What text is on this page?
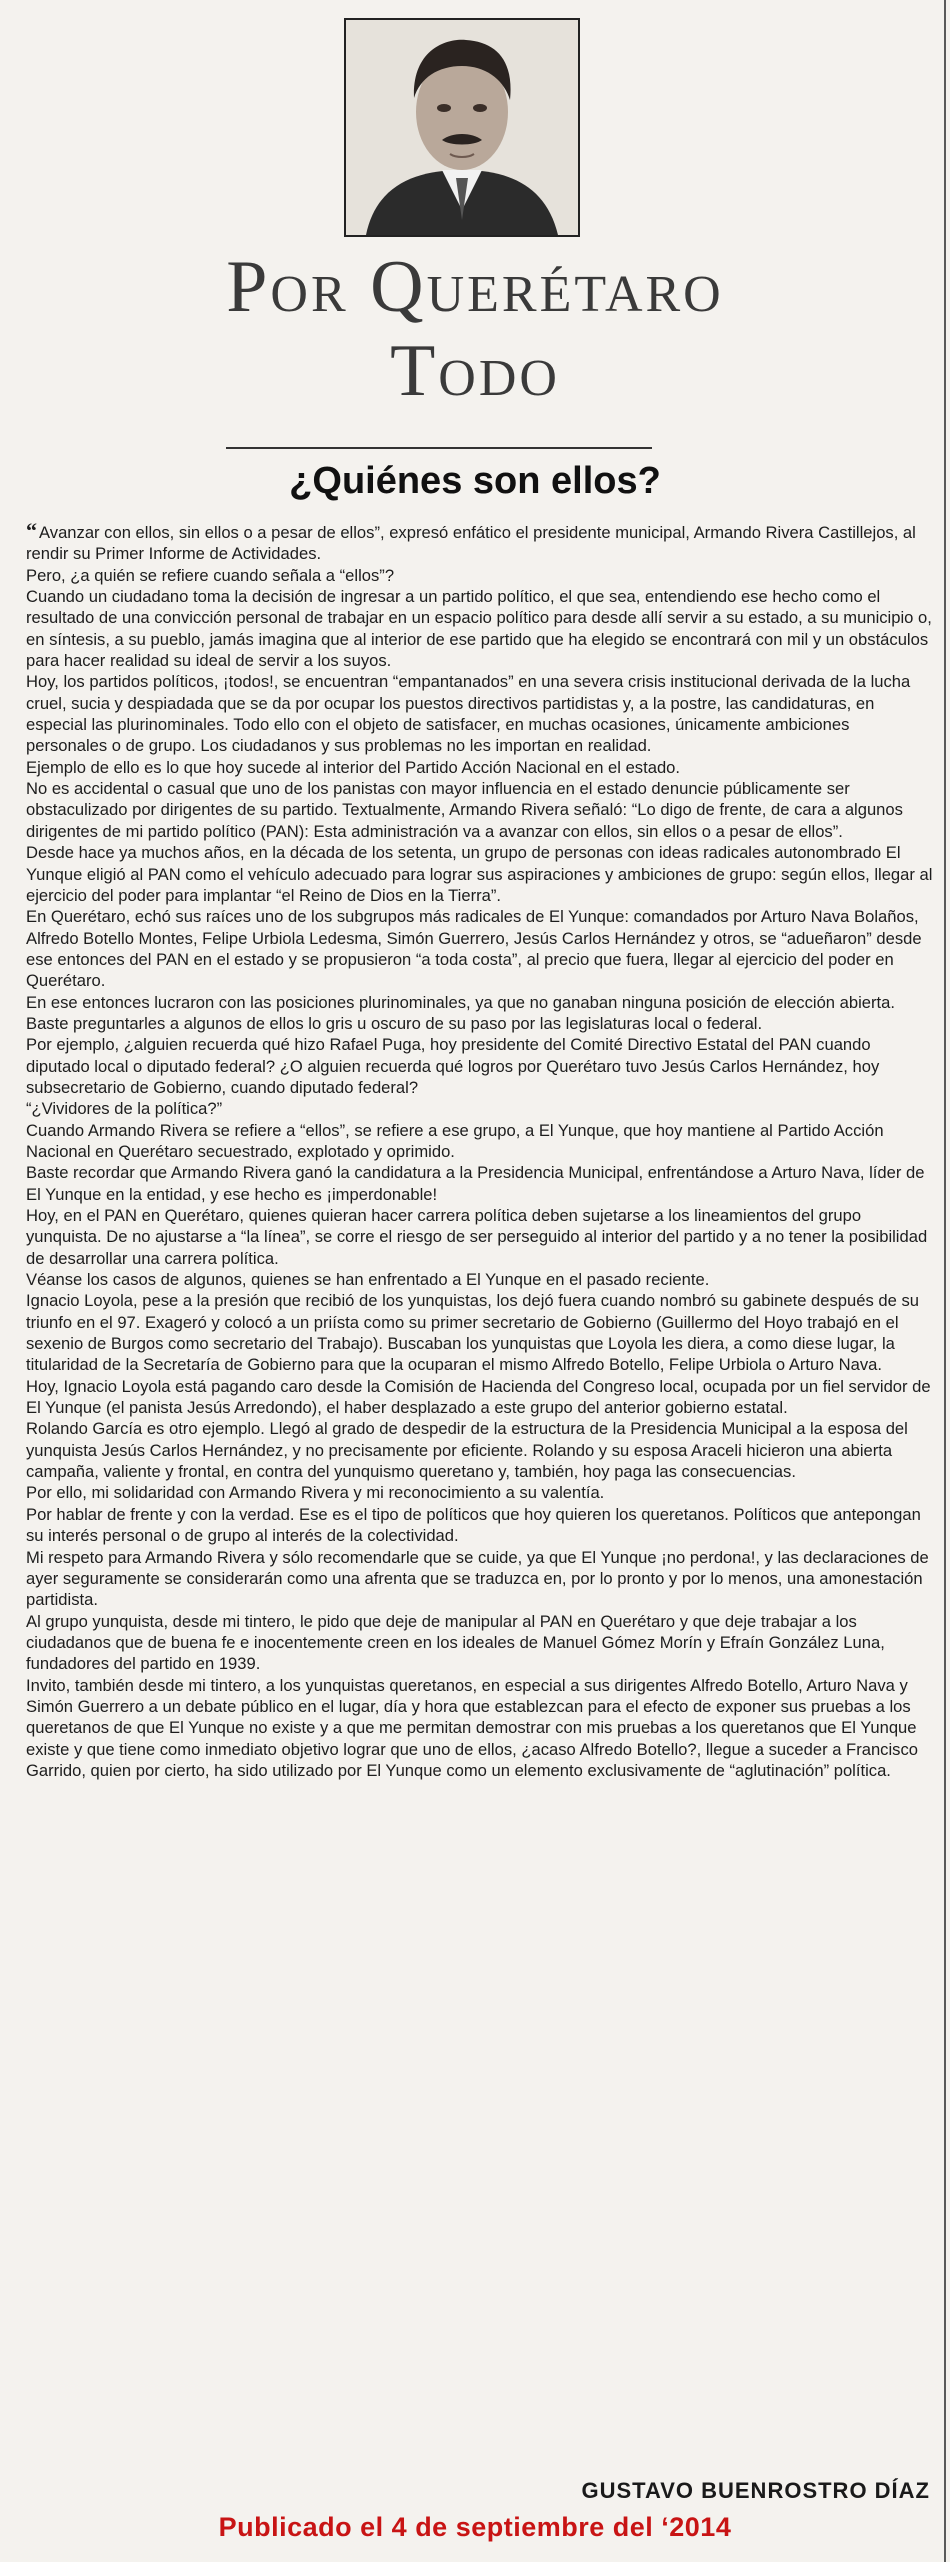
Por Querétaro
Todo
¿Quiénes son ellos?

“ Avanzar con ellos, sin ellos o a pesar de ellos”, expresó enfático el presidente municipal, Armando Rivera Castillejos, al rendir su Primer Informe de Actividades.

Pero, ¿a quién se refiere cuando señala a “ellos”?

Cuando un ciudadano toma la decisión de ingresar a un partido político, el que sea, entendiendo ese hecho como el resultado de una convicción personal de trabajar en un espacio político para desde allí servir a su estado, a su municipio o, en síntesis, a su pueblo, jamás imagina que al interior de ese partido que ha elegido se encontrará con mil y un obstáculos para hacer realidad su ideal de servir a los suyos.

Hoy, los partidos políticos, ¡todos!, se encuentran “empantanados” en una severa crisis institucional derivada de la lucha cruel, sucia y despiadada que se da por ocupar los puestos directivos partidistas y, a la postre, las candidaturas, en especial las plurinominales. Todo ello con el objeto de satisfacer, en muchas ocasiones, únicamente ambiciones personales o de grupo. Los ciudadanos y sus problemas no les importan en realidad.

Ejemplo de ello es lo que hoy sucede al interior del Partido Acción Nacional en el estado.

No es accidental o casual que uno de los panistas con mayor influencia en el estado denuncie públicamente ser obstaculizado por dirigentes de su partido. Textualmente, Armando Rivera señaló: “Lo digo de frente, de cara a algunos dirigentes de mi partido político (PAN): Esta administración va a avanzar con ellos, sin ellos o a pesar de ellos”.

Desde hace ya muchos años, en la década de los setenta, un grupo de personas con ideas radicales autonombrado El Yunque eligió al PAN como el vehículo adecuado para lograr sus aspiraciones y ambiciones de grupo: según ellos, llegar al ejercicio del poder para implantar “el Reino de Dios en la Tierra”.

En Querétaro, echó sus raíces uno de los subgrupos más radicales de El Yunque: comandados por Arturo Nava Bolaños, Alfredo Botello Montes, Felipe Urbiola Ledesma, Simón Guerrero, Jesús Carlos Hernández y otros, se “adueñaron” desde ese entonces del PAN en el estado y se propusieron “a toda costa”, al precio que fuera, llegar al ejercicio del poder en Querétaro.

En ese entonces lucraron con las posiciones plurinominales, ya que no ganaban ninguna posición de elección abierta. Baste preguntarles a algunos de ellos lo gris u oscuro de su paso por las legislaturas local o federal.

Por ejemplo, ¿alguien recuerda qué hizo Rafael Puga, hoy presidente del Comité Directivo Estatal del PAN cuando diputado local o diputado federal? ¿O alguien recuerda qué logros por Querétaro tuvo Jesús Carlos Hernández, hoy subsecretario de Gobierno, cuando diputado federal?

“¿Vividores de la política?”

Cuando Armando Rivera se refiere a “ellos”, se refiere a ese grupo, a El Yunque, que hoy mantiene al Partido Acción Nacional en Querétaro secuestrado, explotado y oprimido.

Baste recordar que Armando Rivera ganó la candidatura a la Presidencia Municipal, enfrentándose a Arturo Nava, líder de El Yunque en la entidad, y ese hecho es ¡imperdonable!

Hoy, en el PAN en Querétaro, quienes quieran hacer carrera política deben sujetarse a los lineamientos del grupo yunquista. De no ajustarse a “la línea”, se corre el riesgo de ser perseguido al interior del partido y a no tener la posibilidad de desarrollar una carrera política.

Véanse los casos de algunos, quienes se han enfrentado a El Yunque en el pasado reciente.

Ignacio Loyola, pese a la presión que recibió de los yunquistas, los dejó fuera cuando nombró su gabinete después de su triunfo en el 97. Exageró y colocó a un priísta como su primer secretario de Gobierno (Guillermo del Hoyo trabajó en el sexenio de Burgos como secretario del Trabajo). Buscaban los yunquistas que Loyola les diera, a como diese lugar, la titularidad de la Secretaría de Gobierno para que la ocuparan el mismo Alfredo Botello, Felipe Urbiola o Arturo Nava.

Hoy, Ignacio Loyola está pagando caro desde la Comisión de Hacienda del Congreso local, ocupada por un fiel servidor de El Yunque (el panista Jesús Arredondo), el haber desplazado a este grupo del anterior gobierno estatal.

Rolando García es otro ejemplo. Llegó al grado de despedir de la estructura de la Presidencia Municipal a la esposa del yunquista Jesús Carlos Hernández, y no precisamente por eficiente. Rolando y su esposa Araceli hicieron una abierta campaña, valiente y frontal, en contra del yunquismo queretano y, también, hoy paga las consecuencias.

Por ello, mi solidaridad con Armando Rivera y mi reconocimiento a su valentía.

Por hablar de frente y con la verdad. Ese es el tipo de políticos que hoy quieren los queretanos. Políticos que antepongan su interés personal o de grupo al interés de la colectividad.

Mi respeto para Armando Rivera y sólo recomendarle que se cuide, ya que El Yunque ¡no perdona!, y las declaraciones de ayer seguramente se considerarán como una afrenta que se traduzca en, por lo pronto y por lo menos, una amonestación partidista.

Al grupo yunquista, desde mi tintero, le pido que deje de manipular al PAN en Querétaro y que deje trabajar a los ciudadanos que de buena fe e inocentemente creen en los ideales de Manuel Gómez Morín y Efraín González Luna, fundadores del partido en 1939.

Invito, también desde mi tintero, a los yunquistas queretanos, en especial a sus dirigentes Alfredo Botello, Arturo Nava y Simón Guerrero a un debate público en el lugar, día y hora que establezcan para el efecto de exponer sus pruebas a los queretanos de que El Yunque no existe y a que me permitan demostrar con mis pruebas a los queretanos que El Yunque existe y que tiene como inmediato objetivo lograr que uno de ellos, ¿acaso Alfredo Botello?, llegue a suceder a Francisco Garrido, quien por cierto, ha sido utilizado por El Yunque como un elemento exclusivamente de “aglutinación” política.

GUSTAVO BUENROSTRO DÍAZ
Publicado el 4 de septiembre del ‘2014
